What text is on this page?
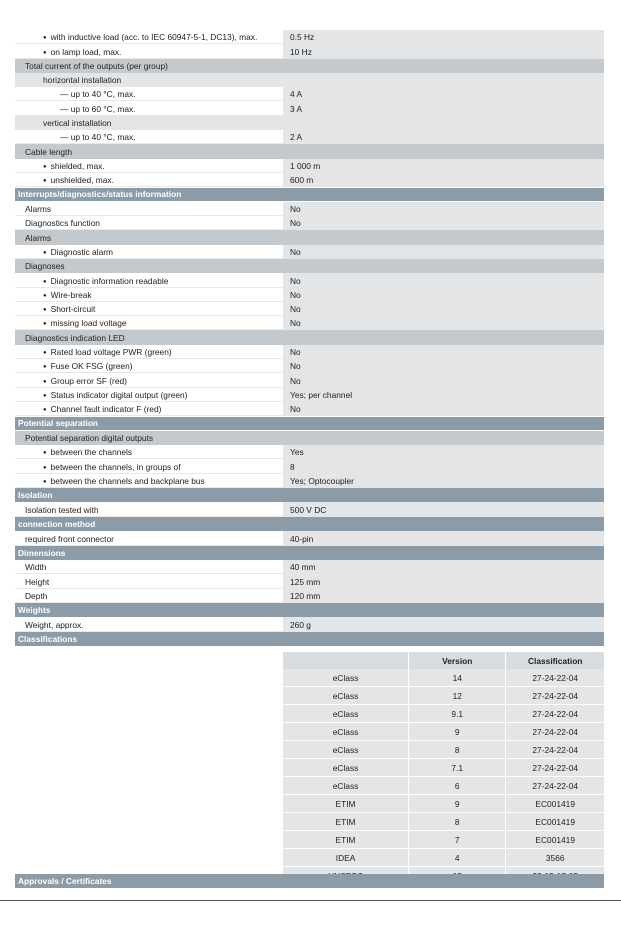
● with inductive load (acc. to IEC 60947-5-1, DC13), max.	0.5 Hz
● on lamp load, max.	10 Hz
Total current of the outputs (per group)
horizontal installation
— up to 40 °C, max.	4 A
— up to 60 °C, max.	3 A
vertical installation
— up to 40 °C, max.	2 A
Cable length
● shielded, max.	1 000 m
● unshielded, max.	600 m
Interrupts/diagnostics/status information
Alarms	No
Diagnostics function	No
Alarms
● Diagnostic alarm	No
Diagnoses
● Diagnostic information readable	No
● Wire-break	No
● Short-circuit	No
● missing load voltage	No
Diagnostics indication LED
● Rated load voltage PWR (green)	No
● Fuse OK FSG (green)	No
● Group error SF (red)	No
● Status indicator digital output (green)	Yes; per channel
● Channel fault indicator F (red)	No
Potential separation
Potential separation digital outputs
● between the channels	Yes
● between the channels, in groups of	8
● between the channels and backplane bus	Yes; Optocoupler
Isolation
Isolation tested with	500 V DC
connection method
required front connector	40-pin
Dimensions
Width	40 mm
Height	125 mm
Depth	120 mm
Weights
Weight, approx.	260 g
Classifications
	Version	Classification
eClass	14	27-24-22-04
eClass	12	27-24-22-04
eClass	9.1	27-24-22-04
eClass	9	27-24-22-04
eClass	8	27-24-22-04
eClass	7.1	27-24-22-04
eClass	6	27-24-22-04
ETIM	9	EC001419
ETIM	8	EC001419
ETIM	7	EC001419
IDEA	4	3566

Approvals / Certificates
